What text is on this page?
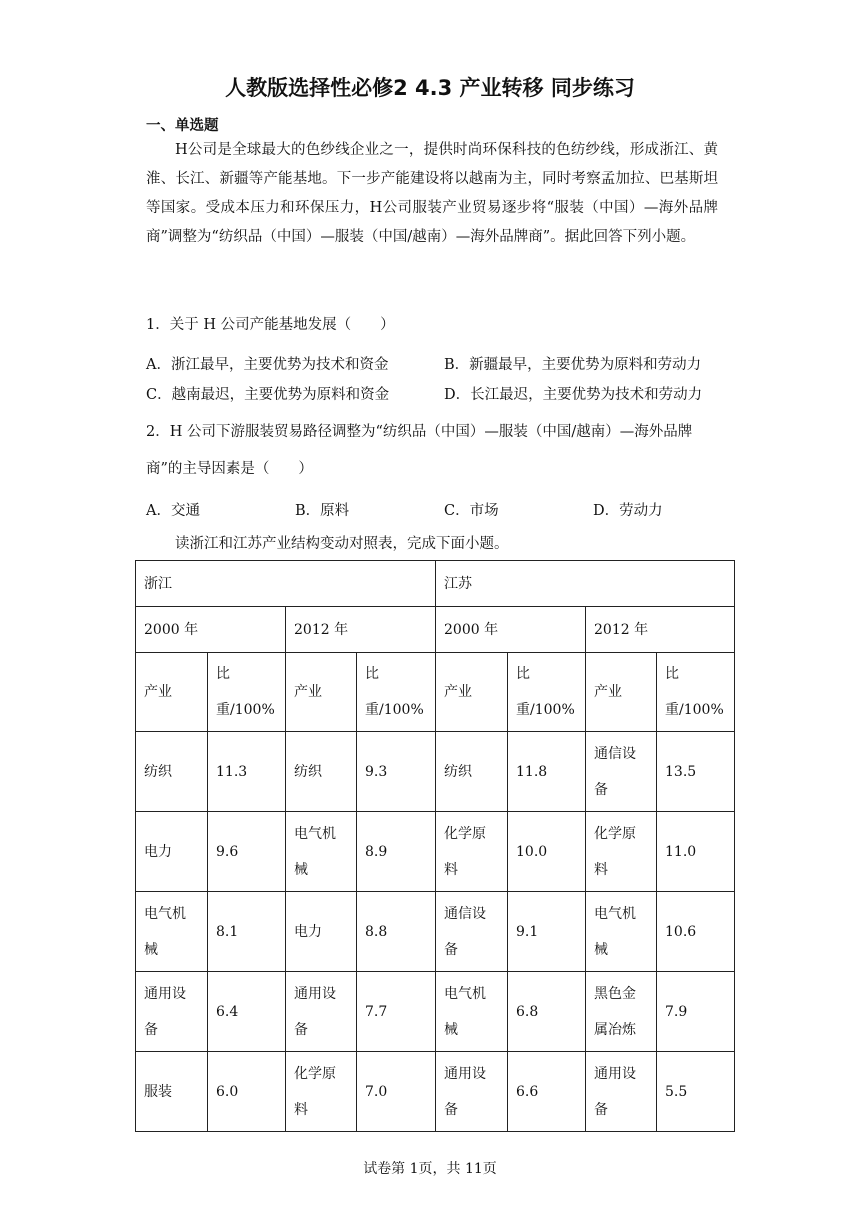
人教版选择性必修2 4.3 产业转移 同步练习
一、单选题
H公司是全球最大的色纱线企业之一，提供时尚环保科技的色纺纱线，形成浙江、黄淮、长江、新疆等产能基地。下一步产能建设将以越南为主，同时考察孟加拉、巴基斯坦等国家。受成本压力和环保压力，H公司服装产业贸易逐步将“服装（中国）—海外品牌商”调整为“纺织品（中国）—服装（中国/越南）—海外品牌商”。据此回答下列小题。
1．关于 H 公司产能基地发展（　　）
A．浙江最早，主要优势为技术和资金	B．新疆最早，主要优势为原料和劳动力
C．越南最迟，主要优势为原料和资金	D．长江最迟，主要优势为技术和劳动力
2．H 公司下游服装贸易路径调整为“纺织品（中国）—服装（中国/越南）—海外品牌商”的主导因素是（　　）
A．交通	B．原料	C．市场	D．劳动力
读浙江和江苏产业结构变动对照表，完成下面小题。
浙江				江苏			
2000 年		2012 年		2000 年		2012 年	
产业	比重/100%	产业	比重/100%	产业	比重/100%	产业	比重/100%
纺织	11.3	纺织	9.3	纺织	11.8	通信设备	13.5
电力	9.6	电气机械	8.9	化学原料	10.0	化学原料	11.0
电气机械	8.1	电力	8.8	通信设备	9.1	电气机械	10.6
通用设备	6.4	通用设备	7.7	电气机械	6.8	黑色金属冶炼	7.9
服装	6.0	化学原料	7.0	通用设备	6.6	通用设备	5.5
试卷第 1页，共 11页
